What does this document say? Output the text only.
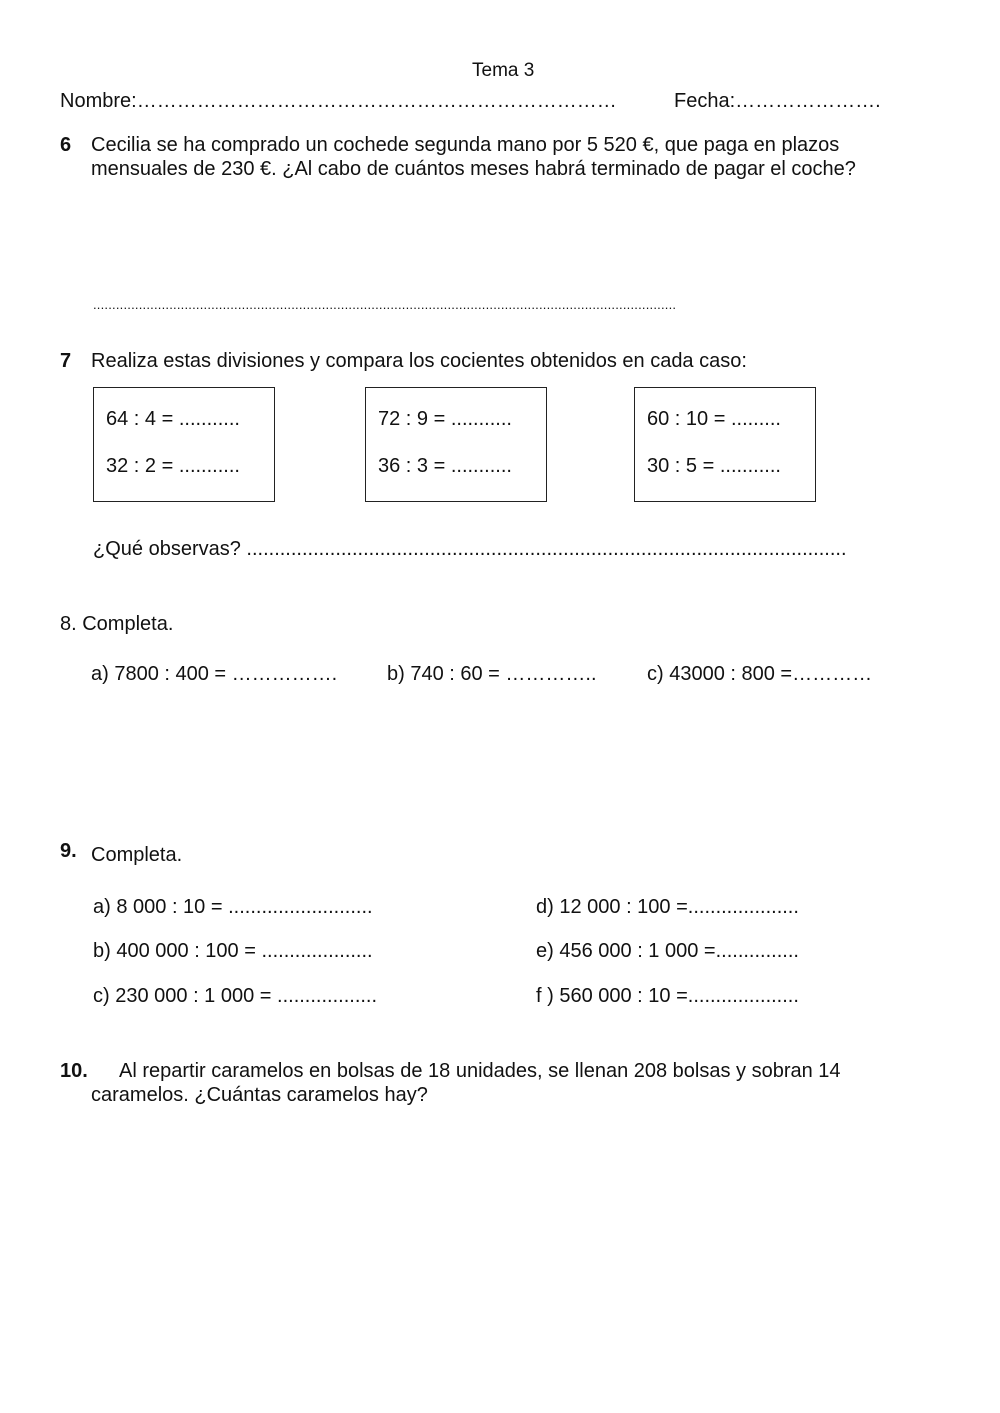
Tema 3
Nombre:………………………………………………………………	Fecha:………………….
6 Cecilia se ha comprado un cochede segunda mano por 5 520 €, que paga en plazos
mensuales de 230 €. ¿Al cabo de cuántos meses habrá terminado de pagar el coche?
.........................................................................................................................................................
7 Realiza estas divisiones y compara los cocientes obtenidos en cada caso:
64 : 4 = ...........
32 : 2 = ...........
72 : 9 = ...........
36 : 3 = ...........
60 : 10 = .........
30 : 5 = ...........
¿Qué observas? ............................................................................................................
8. Completa.
a) 7800 : 400 = ……………. b) 740 : 60 = …………..	c) 43000 : 800 =…………
9. Completa.
a) 8 000 : 10 = ..........................	d) 12 000 : 100 =....................
b) 400 000 : 100 = ....................	e) 456 000 : 1 000 =...............
c) 230 000 : 1 000 = ..................	f ) 560 000 : 10 =....................
10. Al repartir caramelos en bolsas de 18 unidades, se llenan 208 bolsas y sobran 14
caramelos. ¿Cuántas caramelos hay?
